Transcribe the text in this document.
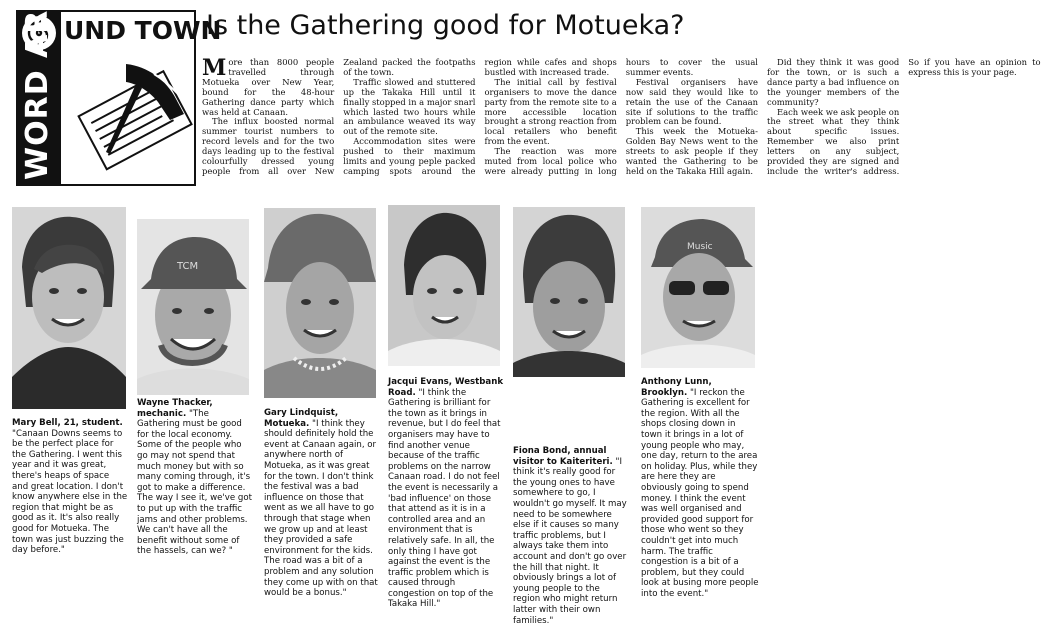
UND TOWN
WORD AR	Is the Gathering good for Motueka?

More than 8000 people travelled through Motueka over New Year, bound for the 48-hour Gathering dance party which was held at Canaan.

The influx boosted normal summer tourist numbers to record levels and for the two days leading up to the festival colourfully dressed young people from all over New Zealand packed the footpaths of the town.

Traffic slowed and stuttered up the Takaka Hill until it finally stopped in a major snarl which lasted two hours while an ambulance weaved its way out of the remote site.

Accommodation sites were pushed to their maximum limits and young peple packed camping spots around the region while cafes and shops bustled with increased trade.

The initial call by festival organisers to move the dance party from the remote site to a more accessible location brought a strong reaction from local retailers who benefit from the event.

The reaction was more muted from local police who were already putting in long hours to cover the usual summer events.

Festival organisers have now said they would like to retain the use of the Canaan site if solutions to the traffic problem can be found.

This week the Motueka-Golden Bay News went to the streets to ask people if they wanted the Gathering to be held on the Takaka Hill again.

Did they think it was good for the town, or is such a dance party a bad influence on the younger members of the community?

Each week we ask people on the street what they think about specific issues. Remember we also print letters on any subject, provided they are signed and include the writer's address. So if you have an opinion to express this is your page.

TCM
Music
Mary Bell, 21, student. "Canaan Downs seems to be the perfect place for the Gathering. I went this year and it was great, there's heaps of space and great location. I don't know anywhere else in the region that might be as good as it. It's also really good for Motueka. The town was just buzzing the day before."
Wayne Thacker, mechanic. "The Gathering must be good for the local economy. Some of the people who go may not spend that much money but with so many coming through, it's got to make a difference. The way I see it, we've got to put up with the traffic jams and other problems. We can't have all the benefit without some of the hassels, can we? "
Gary Lindquist, Motueka. "I think they should definitely hold the event at Canaan again, or anywhere north of Motueka, as it was great for the town. I don't think the festival was a bad influence on those that went as we all have to go through that stage when we grow up and at least they provided a safe environment for the kids. The road was a bit of a problem and any solution they come up with on that would be a bonus."
Jacqui Evans, Westbank Road. "I think the Gathering is brilliant for the town as it brings in revenue, but I do feel that organisers may have to find another venue because of the traffic problems on the narrow Canaan road. I do not feel the event is necessarily a 'bad influence' on those that attend as it is in a controlled area and an environment that is relatively safe. In all, the only thing I have got against the event is the traffic problem which is caused through congestion on top of the Takaka Hill."
Fiona Bond, annual visitor to Kaiteriteri. "I think it's really good for the young ones to have somewhere to go, I wouldn't go myself. It may need to be somewhere else if it causes so many traffic problems, but I always take them into account and don't go over the hill that night. It obviously brings a lot of young people to the region who might return latter with their own families."
Anthony Lunn, Brooklyn. "I reckon the Gathering is excellent for the region. With all the shops closing down in town it brings in a lot of young people who may, one day, return to the area on holiday. Plus, while they are here they are obviously going to spend money. I think the event was well organised and provided good support for those who went so they couldn't get into much harm. The traffic congestion is a bit of a problem, but they could look at busing more people into the event."
